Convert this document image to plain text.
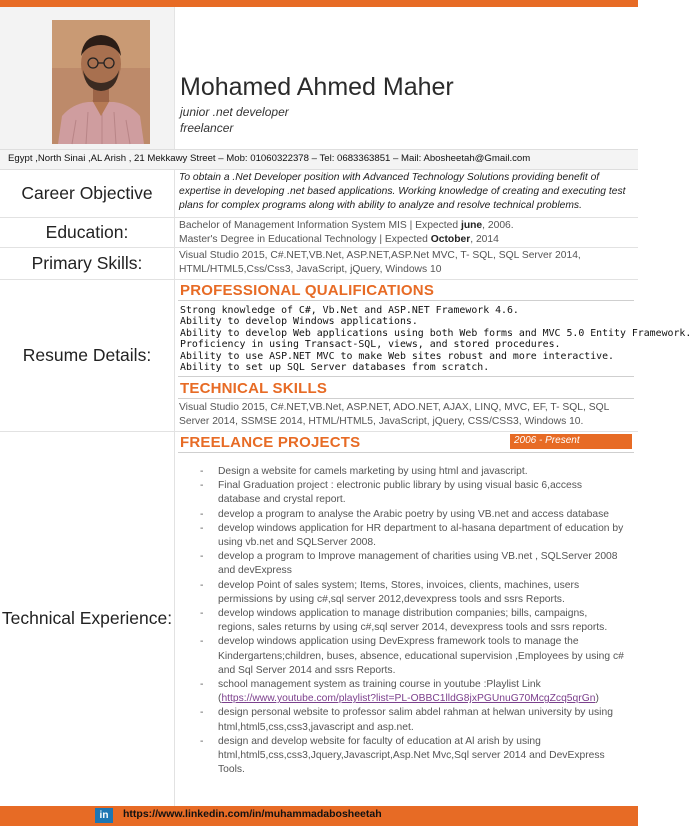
Mohamed Ahmed Maher
junior .net developer
freelancer
Egypt ,North Sinai ,AL Arish , 21 Mekkawy Street – Mob: 01060322378 – Tel: 0683363851 – Mail: Abosheetah@Gmail.com
Career Objective
To obtain a .Net Developer position with Advanced Technology Solutions providing benefit of expertise in developing .net based applications. Working knowledge of creating and executing test plans for complex programs along with ability to analyze and resolve technical problems.
Education:	Bachelor of Management Information System MIS | Expected june, 2006.
Master's Degree in Educational Technology | Expected October, 2014
Primary Skills:	Visual Studio 2015, C#.NET,VB.Net, ASP.NET,ASP.Net MVC, T- SQL, SQL Server 2014, HTML/HTML5,Css/Css3, JavaScript, jQuery, Windows 10
Resume Details:
PROFESSIONAL QUALIFICATIONS
Strong knowledge of C#, Vb.Net and ASP.NET Framework 4.6.
Ability to develop Windows applications.
Ability to develop Web applications using both Web forms and MVC 5.0 Entity Framework.
Proficiency in using Transact-SQL, views, and stored procedures.
Ability to use ASP.NET MVC to make Web sites robust and more interactive.
Ability to set up SQL Server databases from scratch.
TECHNICAL SKILLS
Visual Studio 2015, C#.NET,VB.Net, ASP.NET, ADO.NET, AJAX, LINQ, MVC, EF, T- SQL, SQL Server 2014, SSMSE 2014, HTML/HTML5, JavaScript, jQuery, CSS/CSS3, Windows 10.
Technical Experience:
FREELANCE PROJECTS	2006 - Present
- Design a website for camels marketing by using html and javascript.
- Final Graduation project : electronic public library by using visual basic 6,access database and crystal report.
- develop a program to analyse the Arabic poetry by using VB.net and access database
- develop windows application for HR department to al-hasana department of education by using vb.net and SQLServer 2008.
- develop a program to Improve management of charities using VB.net , SQLServer 2008 and devExpress
- develop Point of sales system; Items, Stores, invoices, clients, machines, users permissions by using c#,sql server 2012,devexpress tools and ssrs Reports.
- develop windows application to manage distribution companies; bills, campaigns, regions, sales returns by using c#,sql server 2014, devexpress tools and ssrs reports.
- develop windows application using DevExpress framework tools to manage the Kindergartens;children, buses, absence, educational supervision ,Employees by using c# and Sql Server 2014 and ssrs Reports.
- school management system as training course in youtube :Playlist Link
(https://www.youtube.com/playlist?list=PL-OBBC1lldG8jxPGUnuG70McgZcq5qrGn)
- design personal website to professor salim abdel rahman at helwan university by using html,html5,css,css3,javascript and asp.net.
- design and develop website for faculty of education at Al arish by using html,html5,css,css3,Jquery,Javascript,Asp.Net Mvc,Sql server 2014 and DevExpress Tools.
in	https://www.linkedin.com/in/muhammadabosheetah
